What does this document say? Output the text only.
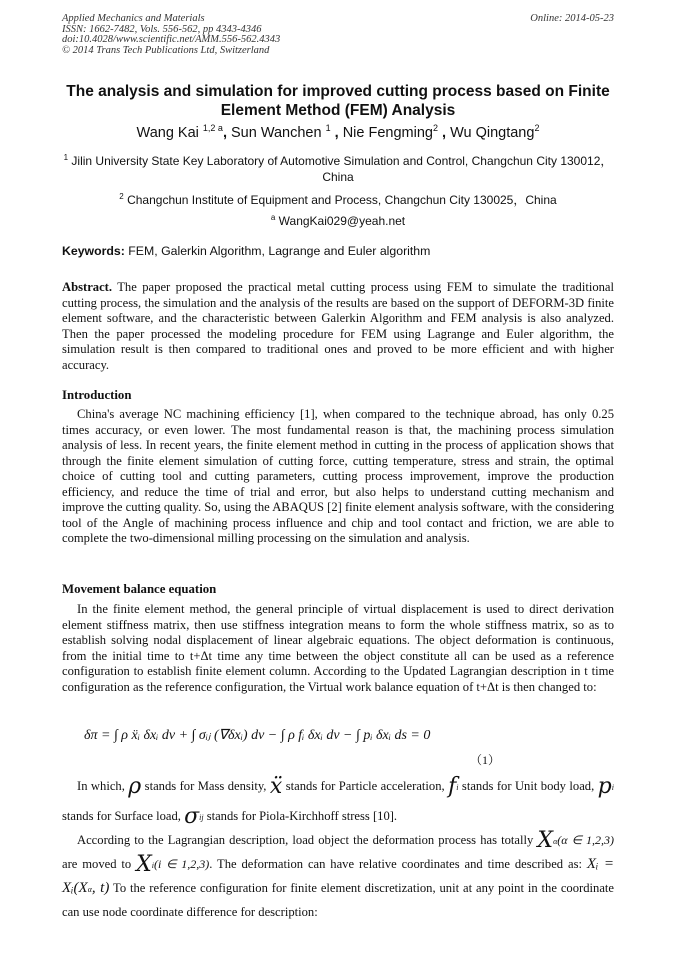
Applied Mechanics and Materials
ISSN: 1662-7482, Vols. 556-562, pp 4343-4346
doi:10.4028/www.scientific.net/AMM.556-562.4343
© 2014 Trans Tech Publications Ltd, Switzerland
Online: 2014-05-23
The analysis and simulation for improved cutting process based on Finite Element Method (FEM) Analysis
Wang Kai $^{1,2 a}$, Sun Wanchen $^1$ , Nie Fengming$^2$ , Wu Qingtang$^2$
$^1$ Jilin University State Key Laboratory of Automotive Simulation and Control, Changchun City 130012，China
$^2$ Changchun Institute of Equipment and Process, Changchun City 130025，China
$^a$ WangKai029@yeah.net
Keywords: FEM, Galerkin Algorithm, Lagrange and Euler algorithm

Abstract. The paper proposed the practical metal cutting process using FEM to simulate the traditional cutting process, the simulation and the analysis of the results are based on the support of DEFORM-3D finite element software, and the characteristic between Galerkin Algorithm and FEM analysis is also analyzed. Then the paper processed the modeling procedure for FEM using Lagrange and Euler algorithm, the simulation result is then compared to traditional ones and proved to be more efficient and with higher accuracy.

Introduction

China's average NC machining efficiency [1], when compared to the technique abroad, has only 0.25 times accuracy, or even lower. The most fundamental reason is that, the machining process simulation analysis of less. In recent years, the finite element method in cutting in the process of application shows that through the finite element simulation of cutting force, cutting temperature, stress and strain, the optimal choice of cutting tool and cutting parameters, cutting process improvement, improve the production efficiency, and reduce the time of trial and error, but also helps to understand cutting mechanism and improve the cutting quality. So, using the ABAQUS [2] finite element analysis software, with the considering tool of the Angle of machining process influence and chip and tool contact and friction, we are able to complete the two-dimensional milling processing on the simulation and analysis.

Movement balance equation

In the finite element method, the general principle of virtual displacement is used to direct derivation element stiffness matrix, then use stiffness integration means to form the whole stiffness matrix, so as to establish solving nodal displacement of linear algebraic equations. The object deformation is continuous, from the initial time to t+Δt time any time between the object constitute all can be used as a reference configuration to establish finite element column. According to the Updated Lagrangian description in t time configuration as the reference configuration, the Virtual work balance equation of t+Δt is then changed to:

δπ = ∫ ρ ẍᵢ δxᵢ dv + ∫ σᵢⱼ (∇δxᵢ) dv − ∫ ρ fᵢ δxᵢ dv − ∫ pᵢ δxᵢ ds = 0
（1）

In which, ρ stands for Mass density, ẍ stands for Particle acceleration, fi stands for Unit body load, pi stands for Surface load, σij stands for Piola-Kirchhoff stress [10].

According to the Lagrangian description, load object the deformation process has totally Xα(α ∈ 1,2,3) are moved to Xi(i ∈ 1,2,3). The deformation can have relative coordinates and time described as: Xᵢ = Xᵢ(Xα, t) To the reference configuration for finite element discretization, unit at any point in the coordinate can use node coordinate difference for description:
